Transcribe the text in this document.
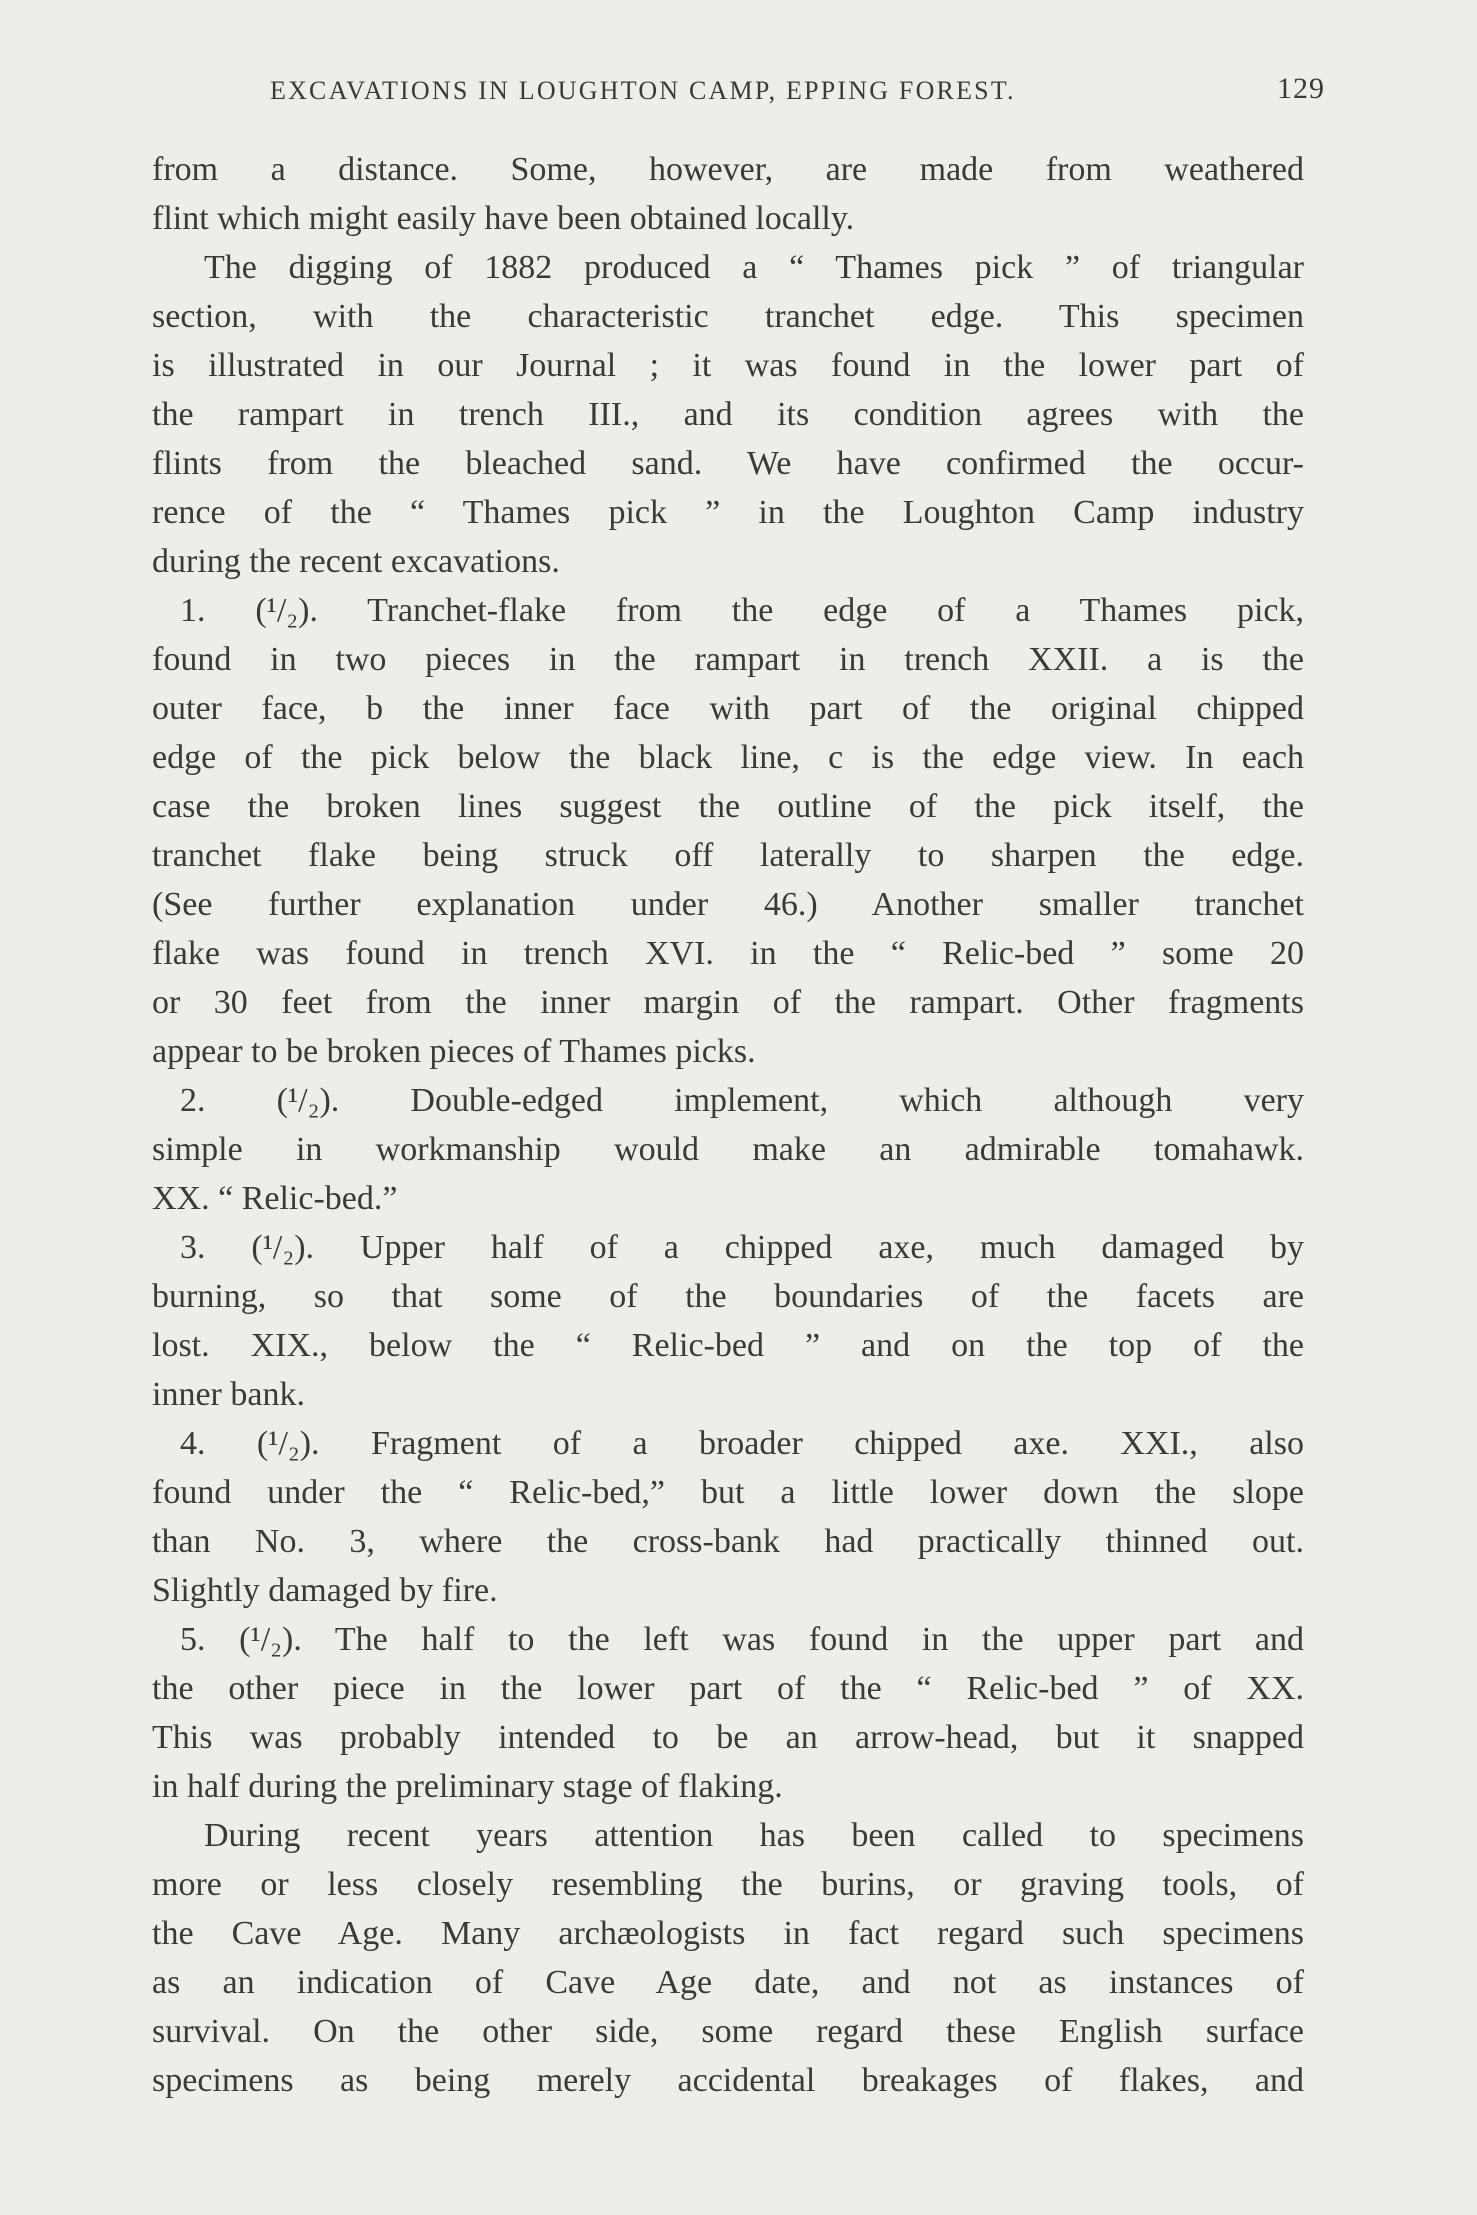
EXCAVATIONS IN LOUGHTON CAMP, EPPING FOREST.	129
from a distance. Some, however, are made from weathered
flint which might easily have been obtained locally.
The digging of 1882 produced a “ Thames pick ” of triangular
section, with the characteristic tranchet edge. This specimen
is illustrated in our Journal ; it was found in the lower part of
the rampart in trench III., and its condition agrees with the
flints from the bleached sand. We have confirmed the occur-
rence of the “ Thames pick ” in the Loughton Camp industry
during the recent excavations.
1. (¹/₂). Tranchet-flake from the edge of a Thames pick,
found in two pieces in the rampart in trench XXII. a is the
outer face, b the inner face with part of the original chipped
edge of the pick below the black line, c is the edge view. In each
case the broken lines suggest the outline of the pick itself, the
tranchet flake being struck off laterally to sharpen the edge.
(See further explanation under 46.) Another smaller tranchet
flake was found in trench XVI. in the “ Relic-bed ” some 20
or 30 feet from the inner margin of the rampart. Other fragments
appear to be broken pieces of Thames picks.
2. (¹/₂). Double-edged implement, which although very
simple in workmanship would make an admirable tomahawk.
XX. “ Relic-bed.”
3. (¹/₂). Upper half of a chipped axe, much damaged by
burning, so that some of the boundaries of the facets are
lost. XIX., below the “ Relic-bed ” and on the top of the
inner bank.
4. (¹/₂). Fragment of a broader chipped axe. XXI., also
found under the “ Relic-bed,” but a little lower down the slope
than No. 3, where the cross-bank had practically thinned out.
Slightly damaged by fire.
5. (¹/₂). The half to the left was found in the upper part and
the other piece in the lower part of the “ Relic-bed ” of XX.
This was probably intended to be an arrow-head, but it snapped
in half during the preliminary stage of flaking.
During recent years attention has been called to specimens
more or less closely resembling the burins, or graving tools, of
the Cave Age. Many archæologists in fact regard such specimens
as an indication of Cave Age date, and not as instances of
survival. On the other side, some regard these English surface
specimens as being merely accidental breakages of flakes, and
